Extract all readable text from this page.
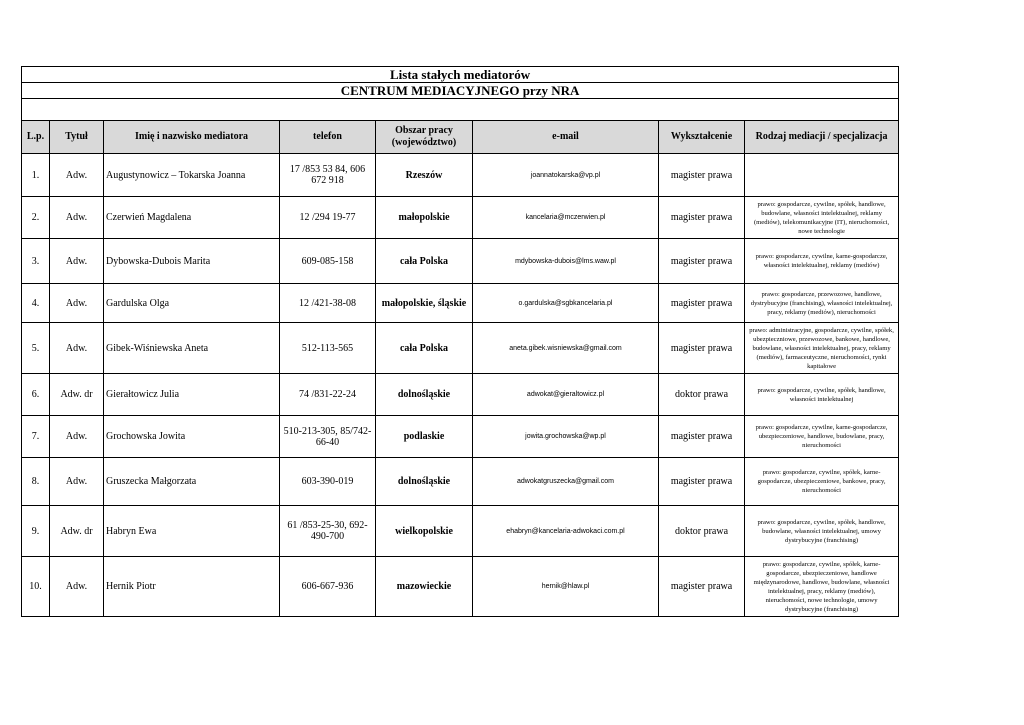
Lista stałych mediatorów							
CENTRUM MEDIACYJNEGO przy NRA							

L.p.	Tytuł	Imię i nazwisko mediatora	telefon	Obszar pracy (województwo)	e-mail	Wykształcenie	Rodzaj mediacji / specjalizacja
1.	Adw.	Augustynowicz – Tokarska Joanna	17 /853 53 84, 606 672 918	Rzeszów	joannatokarska@vp.pl	magister prawa	
2.	Adw.	Czerwień Magdalena	12 /294 19-77	małopolskie	kancelaria@mczerwien.pl	magister prawa	prawo: gospodarcze, cywilne, spółek, handlowe, budowlane, własności intelektualnej, reklamy (mediów), telekomunikacyjne (IT), nieruchomości, nowe technologie
3.	Adw.	Dybowska-Dubois Marita	609-085-158	cała Polska	mdybowska-dubois@lms.waw.pl	magister prawa	prawo: gospodarcze, cywilne, karne-gospodarcze, własności intelektualnej, reklamy (mediów)
4.	Adw.	Gardulska Olga	12 /421-38-08	małopolskie, śląskie	o.gardulska@sgbkancelaria.pl	magister prawa	prawo: gospodarcze, przewozowe, handlowe, dystrybucyjne (franchising), własności intelektualnej, pracy, reklamy (mediów), nieruchomości
5.	Adw.	Gibek-Wiśniewska Aneta	512-113-565	cała Polska	aneta.gibek.wisniewska@gmail.com	magister prawa	prawo: administracyjne, gospodarcze, cywilne, spółek, ubezpieczniowe, przewozowe, bankowe, handlowe, budowlane, własności intelektualnej, pracy, reklamy (mediów), farmaceutyczne, nieruchomości, rynki kapitałowe
6.	Adw. dr	Gierałtowicz Julia	74 /831-22-24	dolnośląskie	adwokat@gieraltowicz.pl	doktor prawa	prawo: gospodarcze, cywilne, spółek, handlowe, własności intelektualnej
7.	Adw.	Grochowska Jowita	510-213-305, 85/742-66-40	podlaskie	jowita.grochowska@wp.pl	magister prawa	prawo: gospodarcze, cywilne, karne-gospodarcze, ubezpieczeniowe, handlowe, budowlane, pracy, nieruchomości
8.	Adw.	Gruszecka Małgorzata	603-390-019	dolnośląskie	adwokatgruszecka@gmail.com	magister prawa	prawo: gospodarcze, cywilne, spółek, karne-gospodarcze, ubezpieczeniowe, bankowe, pracy, nieruchomości
9.	Adw. dr	Habryn Ewa	61 /853-25-30, 692-490-700	wielkopolskie	ehabryn@kancelaria-adwokaci.com.pl	doktor prawa	prawo: gospodarcze, cywilne, spółek, handlowe, budowlane, własności intelektualnej, umowy dystrybucyjne (franchising)
10.	Adw.	Hernik Piotr	606-667-936	mazowieckie	hernik@hlaw.pl	magister prawa	prawo: gospodarcze, cywilne, spółek, karne-gospodarcze, ubezpieczeniowe, handlowe międzynarodowe, handlowe, budowlane, własności intelektualnej, pracy, reklamy (mediów), nieruchomości, nowe technologie, umowy dystrybucyjne (franchising)
